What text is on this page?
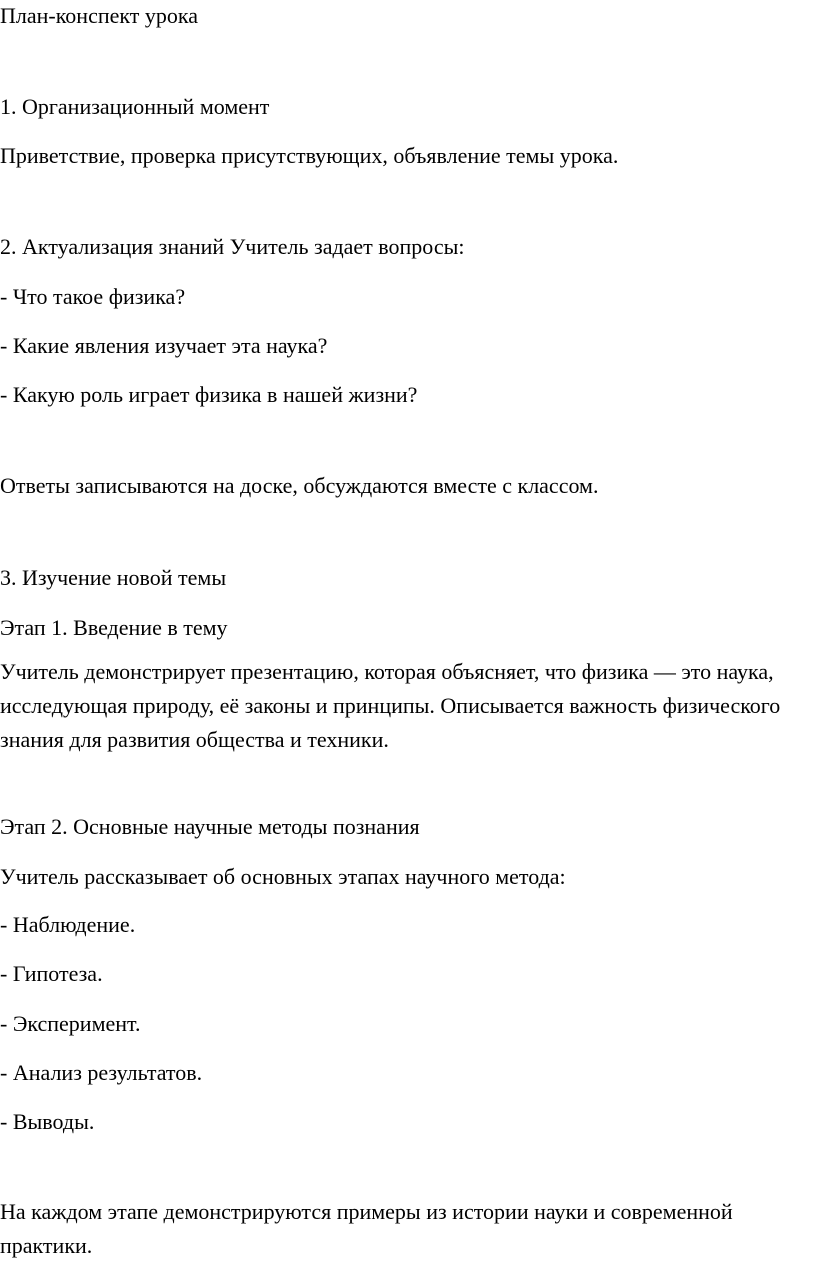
План-конспект урока

1. Организационный момент

Приветствие, проверка присутствующих, объявление темы урока.

2. Актуализация знаний Учитель задает вопросы:

- Что такое физика?

- Какие явления изучает эта наука?

- Какую роль играет физика в нашей жизни?

Ответы записываются на доске, обсуждаются вместе с классом.

3. Изучение новой темы

Этап 1. Введение в тему

Учитель демонстрирует презентацию, которая объясняет, что физика — это наука, исследующая природу, её законы и принципы. Описывается важность физического знания для развития общества и техники.

Этап 2. Основные научные методы познания

Учитель рассказывает об основных этапах научного метода:

- Наблюдение.

- Гипотеза.

- Эксперимент.

- Анализ результатов.

- Выводы.

На каждом этапе демонстрируются примеры из истории науки и современной практики.
